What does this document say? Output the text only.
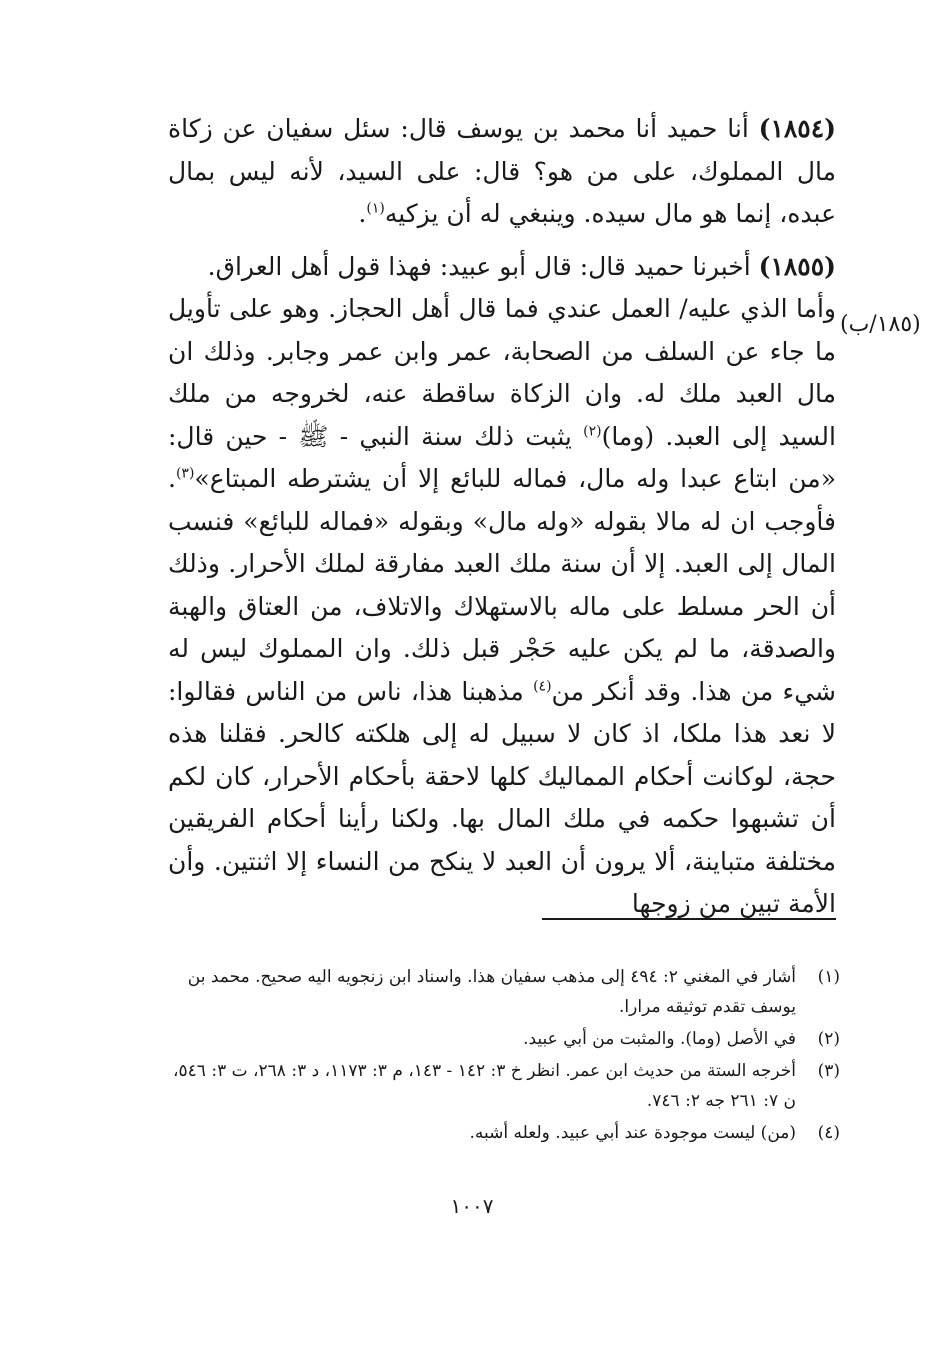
(١٨٥٤) أنا حميد أنا محمد بن يوسف قال: سئل سفيان عن زكاة مال المملوك، على من هو؟ قال: على السيد، لأنه ليس بمال عبده، إنما هو مال سيده. وينبغي له أن يزكيه$^{(١)}$.

(١٨٥٥) أخبرنا حميد قال: قال أبو عبيد: فهذا قول أهل العراق.

وأما الذي عليه/ العمل عندي فما قال أهل الحجاز. وهو على تأويل ما جاء عن السلف من الصحابة، عمر وابن عمر وجابر. وذلك ان مال العبد ملك له. وان الزكاة ساقطة عنه، لخروجه من ملك السيد إلى العبد. (وما)$^{(٢)}$ يثبت ذلك سنة النبي - ﷺ - حين قال: «من ابتاع عبدا وله مال، فماله للبائع إلا أن يشترطه المبتاع»$^{(٣)}$. فأوجب ان له مالا بقوله «وله مال» وبقوله «فماله للبائع» فنسب المال إلى العبد. إلا أن سنة ملك العبد مفارقة لملك الأحرار. وذلك أن الحر مسلط على ماله بالاستهلاك والاتلاف، من العتاق والهبة والصدقة، ما لم يكن عليه حَجْر قبل ذلك. وان المملوك ليس له شيء من هذا. وقد أنكر من$^{(٤)}$ مذهبنا هذا، ناس من الناس فقالوا: لا نعد هذا ملكا، اذ كان لا سبيل له إلى هلكته كالحر. فقلنا هذه حجة، لوكانت أحكام المماليك كلها لاحقة بأحكام الأحرار، كان لكم أن تشبهوا حكمه في ملك المال بها. ولكنا رأينا أحكام الفريقين مختلفة متباينة، ألا يرون أن العبد لا ينكح من النساء إلا اثنتين. وأن الأمة تبين من زوجها

(١٨٥/ب)
(١)
أشار في المغني ٢: ٤٩٤ إلى مذهب سفيان هذا. واسناد ابن زنجويه اليه صحيح. محمد بن يوسف تقدم توثيقه مرارا.
(٢)
في الأصل (وما). والمثبت من أبي عبيد.
(٣)
أخرجه الستة من حديث ابن عمر. انظر خ ٣: ١٤٢ - ١٤٣، م ٣: ١١٧٣، د ٣: ٢٦٨، ت ٣: ٥٤٦، ن ٧: ٢٦١ جه ٢: ٧٤٦.
(٤)
(من) ليست موجودة عند أبي عبيد. ولعله أشبه.
١٠٠٧
